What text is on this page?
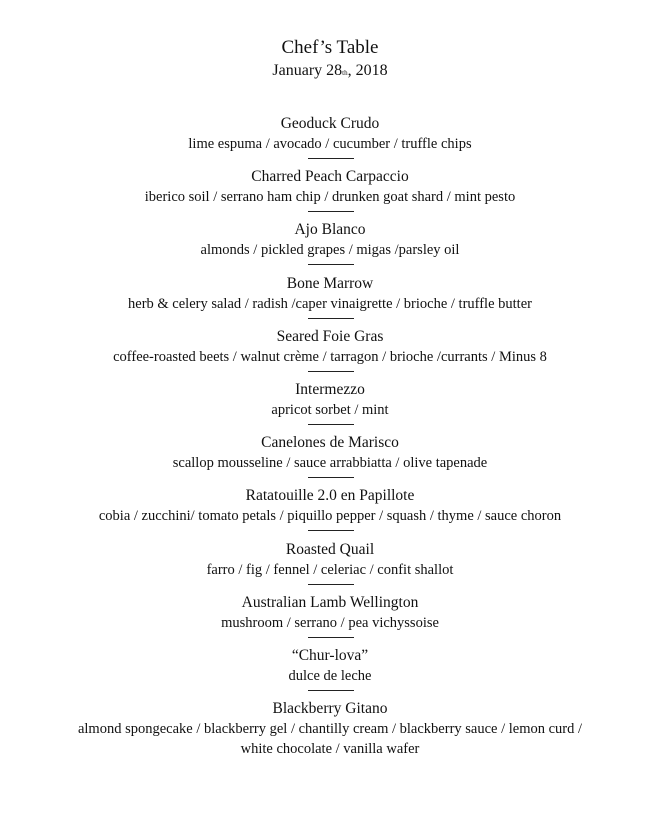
Chef’s Table
January 28th, 2018
Geoduck Crudo
lime espuma / avocado / cucumber / truffle chips
Charred Peach Carpaccio
iberico soil / serrano ham chip / drunken goat shard / mint pesto
Ajo Blanco
almonds / pickled grapes / migas /parsley oil
Bone Marrow
herb & celery salad / radish /caper vinaigrette / brioche / truffle butter
Seared Foie Gras
coffee-roasted beets / walnut crème / tarragon / brioche /currants / Minus 8
Intermezzo
apricot sorbet / mint
Canelones de Marisco
scallop mousseline / sauce arrabbiatta / olive tapenade
Ratatouille 2.0 en Papillote
cobia / zucchini/ tomato petals / piquillo pepper / squash / thyme / sauce choron
Roasted Quail
farro / fig / fennel / celeriac / confit shallot
Australian Lamb Wellington
mushroom / serrano / pea vichyssoise
“Chur-lova”
dulce de leche
Blackberry Gitano
almond spongecake / blackberry gel / chantilly cream / blackberry sauce / lemon curd / white chocolate / vanilla wafer
